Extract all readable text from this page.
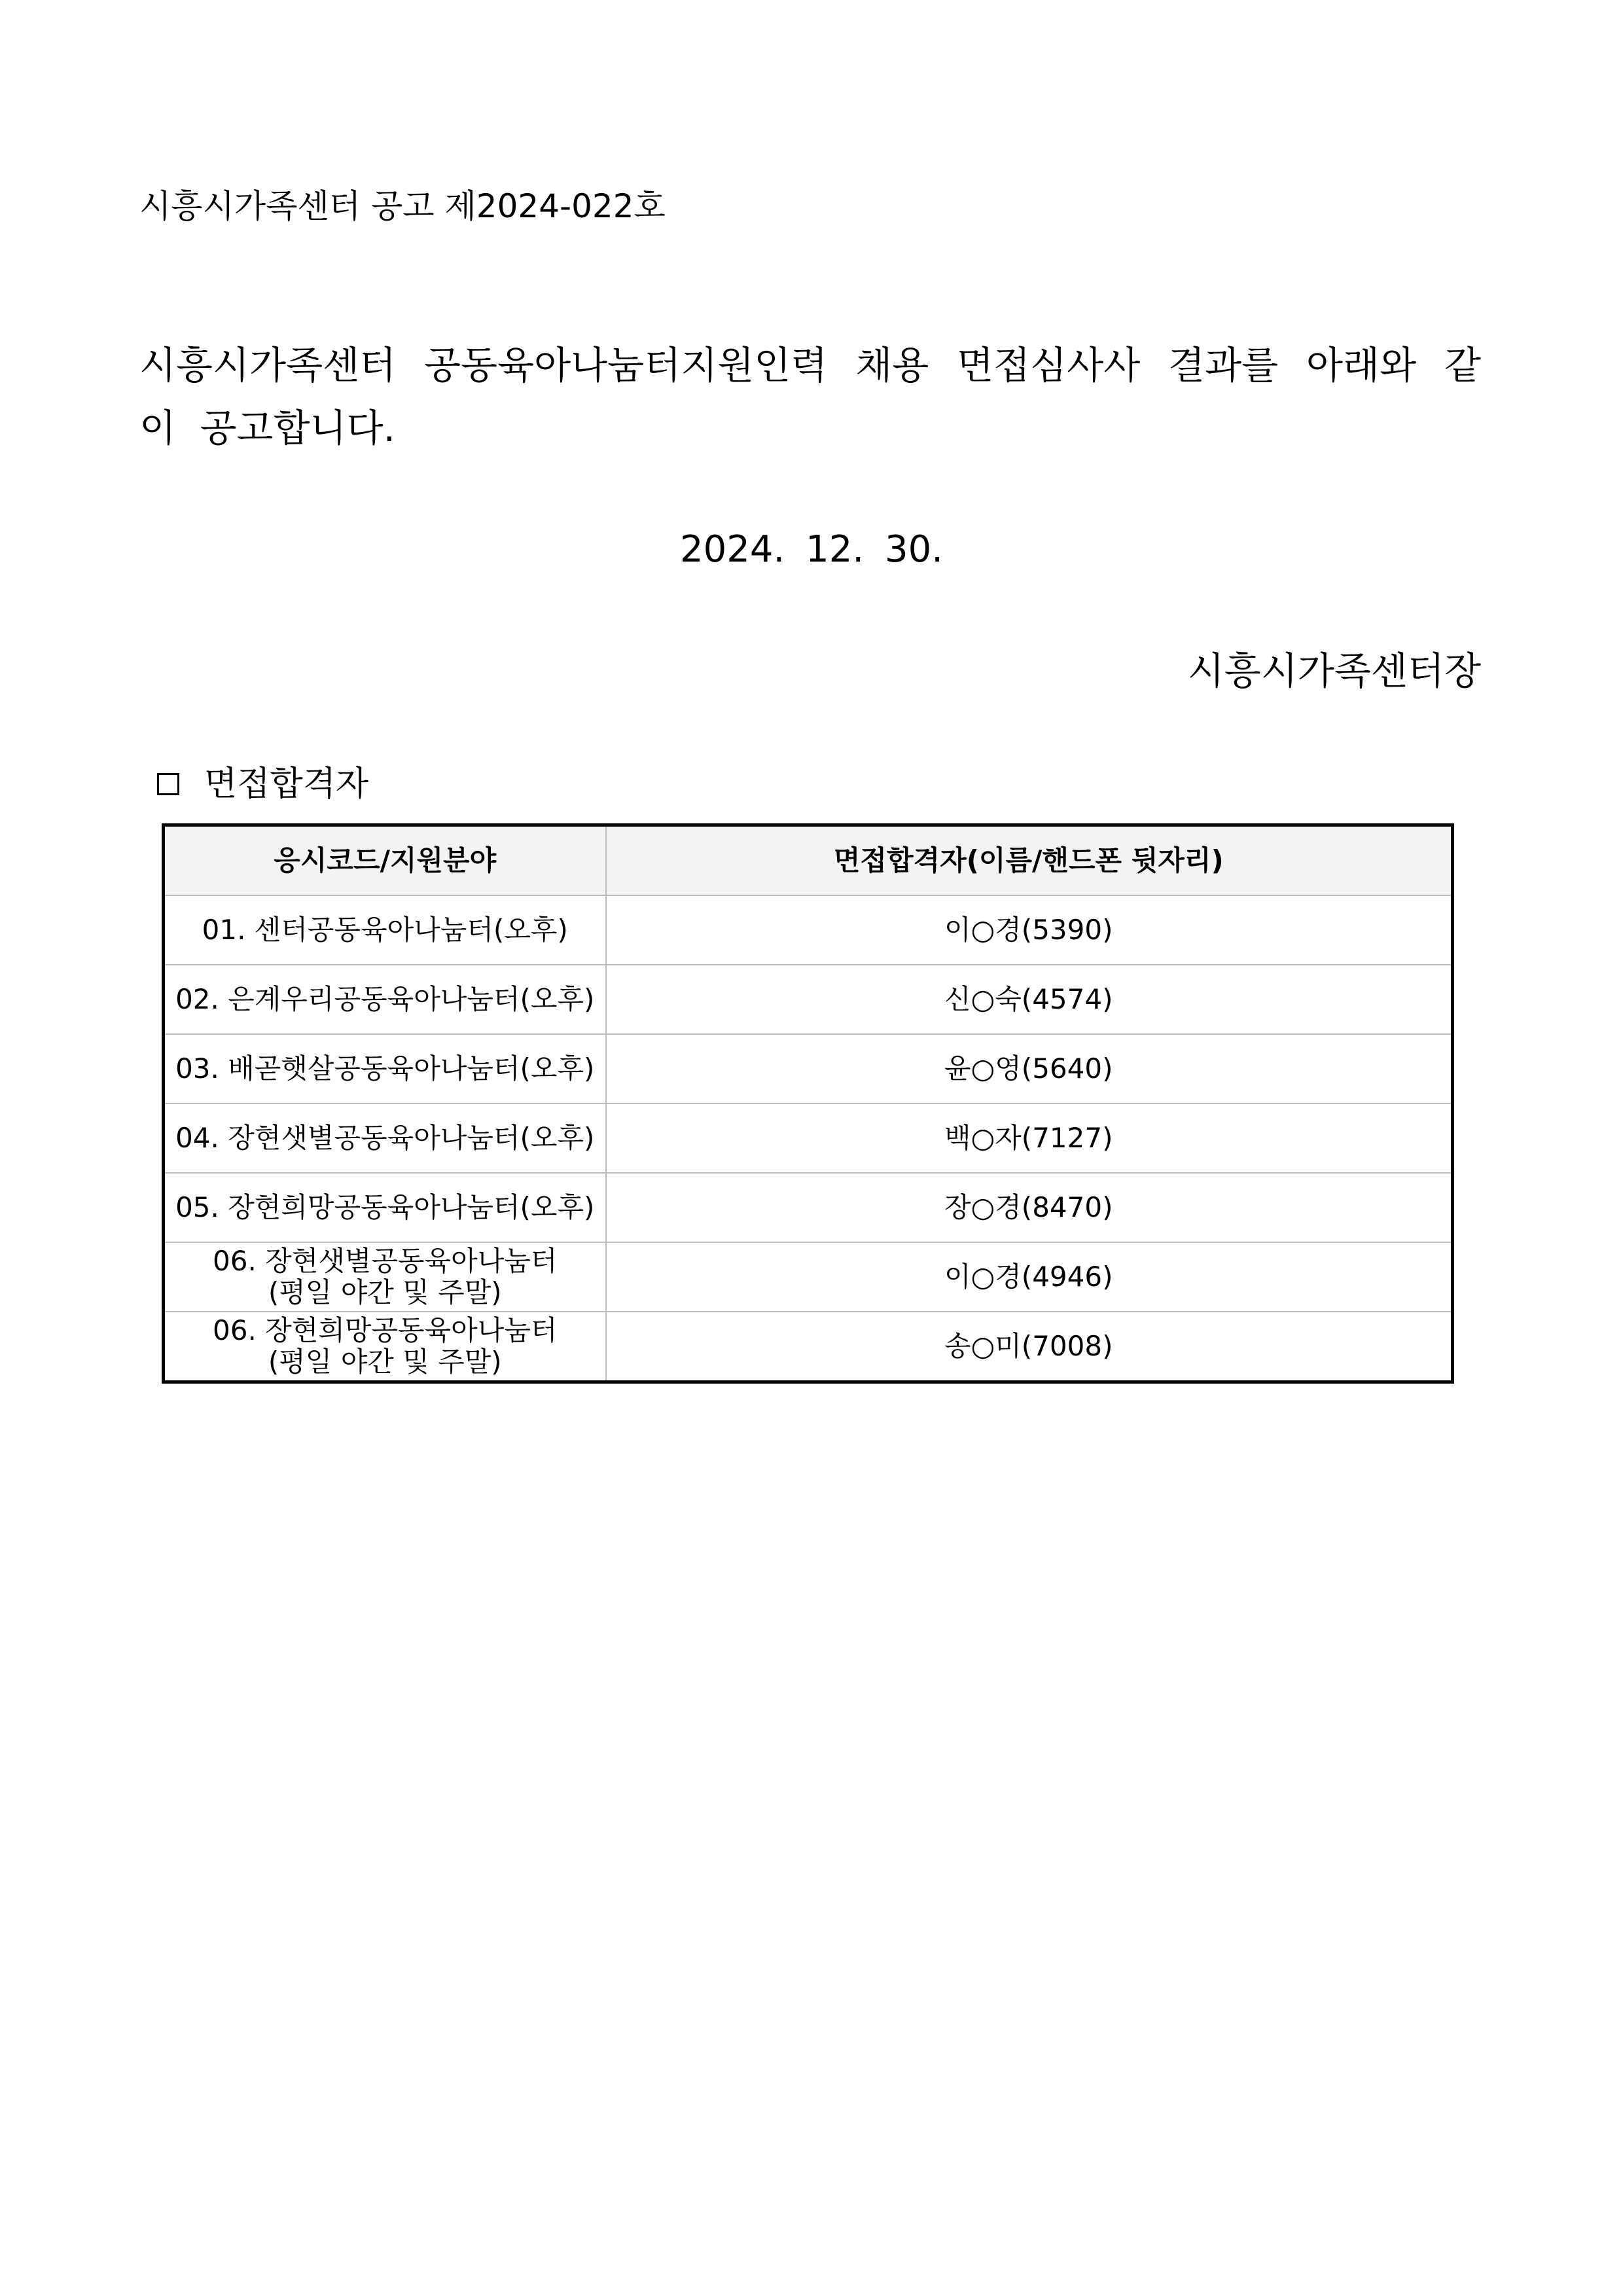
시흥시가족센터 공고 제2024-022호
시흥시가족센터 공동육아나눔터지원인력 채용 면접심사사 결과를 아래와 같이 공고합니다.
2024. 12. 30.
시흥시가족센터장
면접합격자
응시코드/지원분야	면접합격자(이름/핸드폰 뒷자리)
01. 센터공동육아나눔터(오후)	이○경(5390)
02. 은계우리공동육아나눔터(오후)	신○숙(4574)
03. 배곧햇살공동육아나눔터(오후)	윤○영(5640)
04. 장현샛별공동육아나눔터(오후)	백○자(7127)
05. 장현희망공동육아나눔터(오후)	장○경(8470)
06. 장현샛별공동육아나눔터
(평일 야간 및 주말)	이○경(4946)
06. 장현희망공동육아나눔터
(평일 야간 및 주말)	송○미(7008)
